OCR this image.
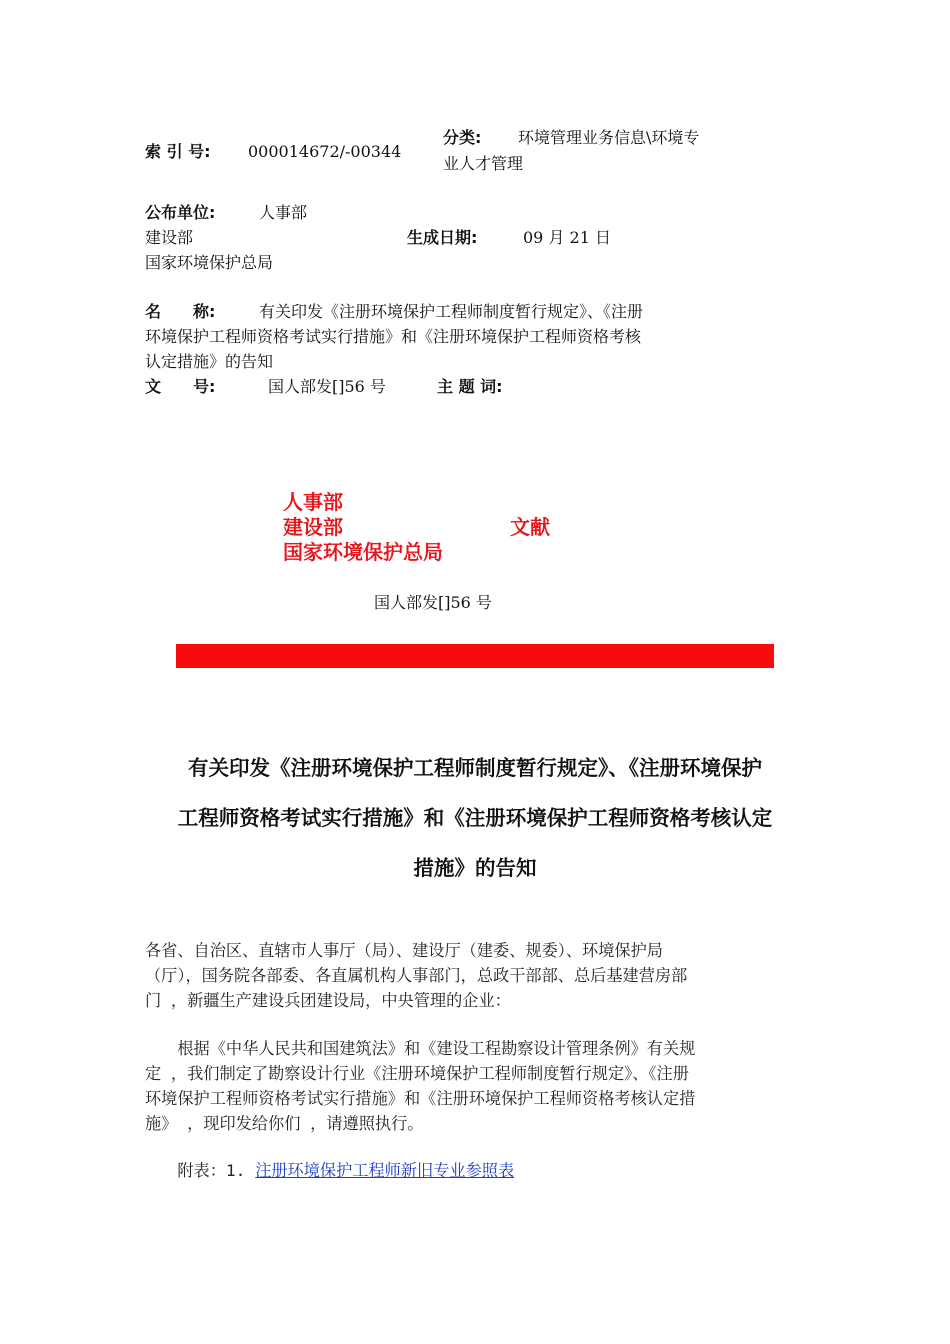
索 引 号: 000014672/-00344
分类: 环境管理业务信息\环境专
业人才管理
公布单位:	人事部
建设部
国家环境保护总局
生成日期:	09 月 21 日
名　　称:	有关印发《注册环境保护工程师制度暂行规定》、《注册
环境保护工程师资格考试实行措施》和《注册环境保护工程师资格考核
认定措施》的告知
文　　号:	国人部发[]56 号	主 题 词:
人事部
建设部
国家环境保护总局
文献
国人部发[]56 号
有关印发《注册环境保护工程师制度暂行规定》、《注册环境保护
工程师资格考试实行措施》和《注册环境保护工程师资格考核认定
措施》的告知
各省、自治区、直辖市人事厅（局）、建设厅（建委、规委）、环境保护局
（厅），国务院各部委、各直属机构人事部门，总政干部部、总后基建营房部
门 ，新疆生产建设兵团建设局，中央管理的企业：
　　根据《中华人民共和国建筑法》和《建设工程勘察设计管理条例》有关规
定 ，我们制定了勘察设计行业《注册环境保护工程师制度暂行规定》、《注册
环境保护工程师资格考试实行措施》和《注册环境保护工程师资格考核认定措
施》 ，现印发给你们 ，请遵照执行。
　　附表：1. 注册环境保护工程师新旧专业参照表
